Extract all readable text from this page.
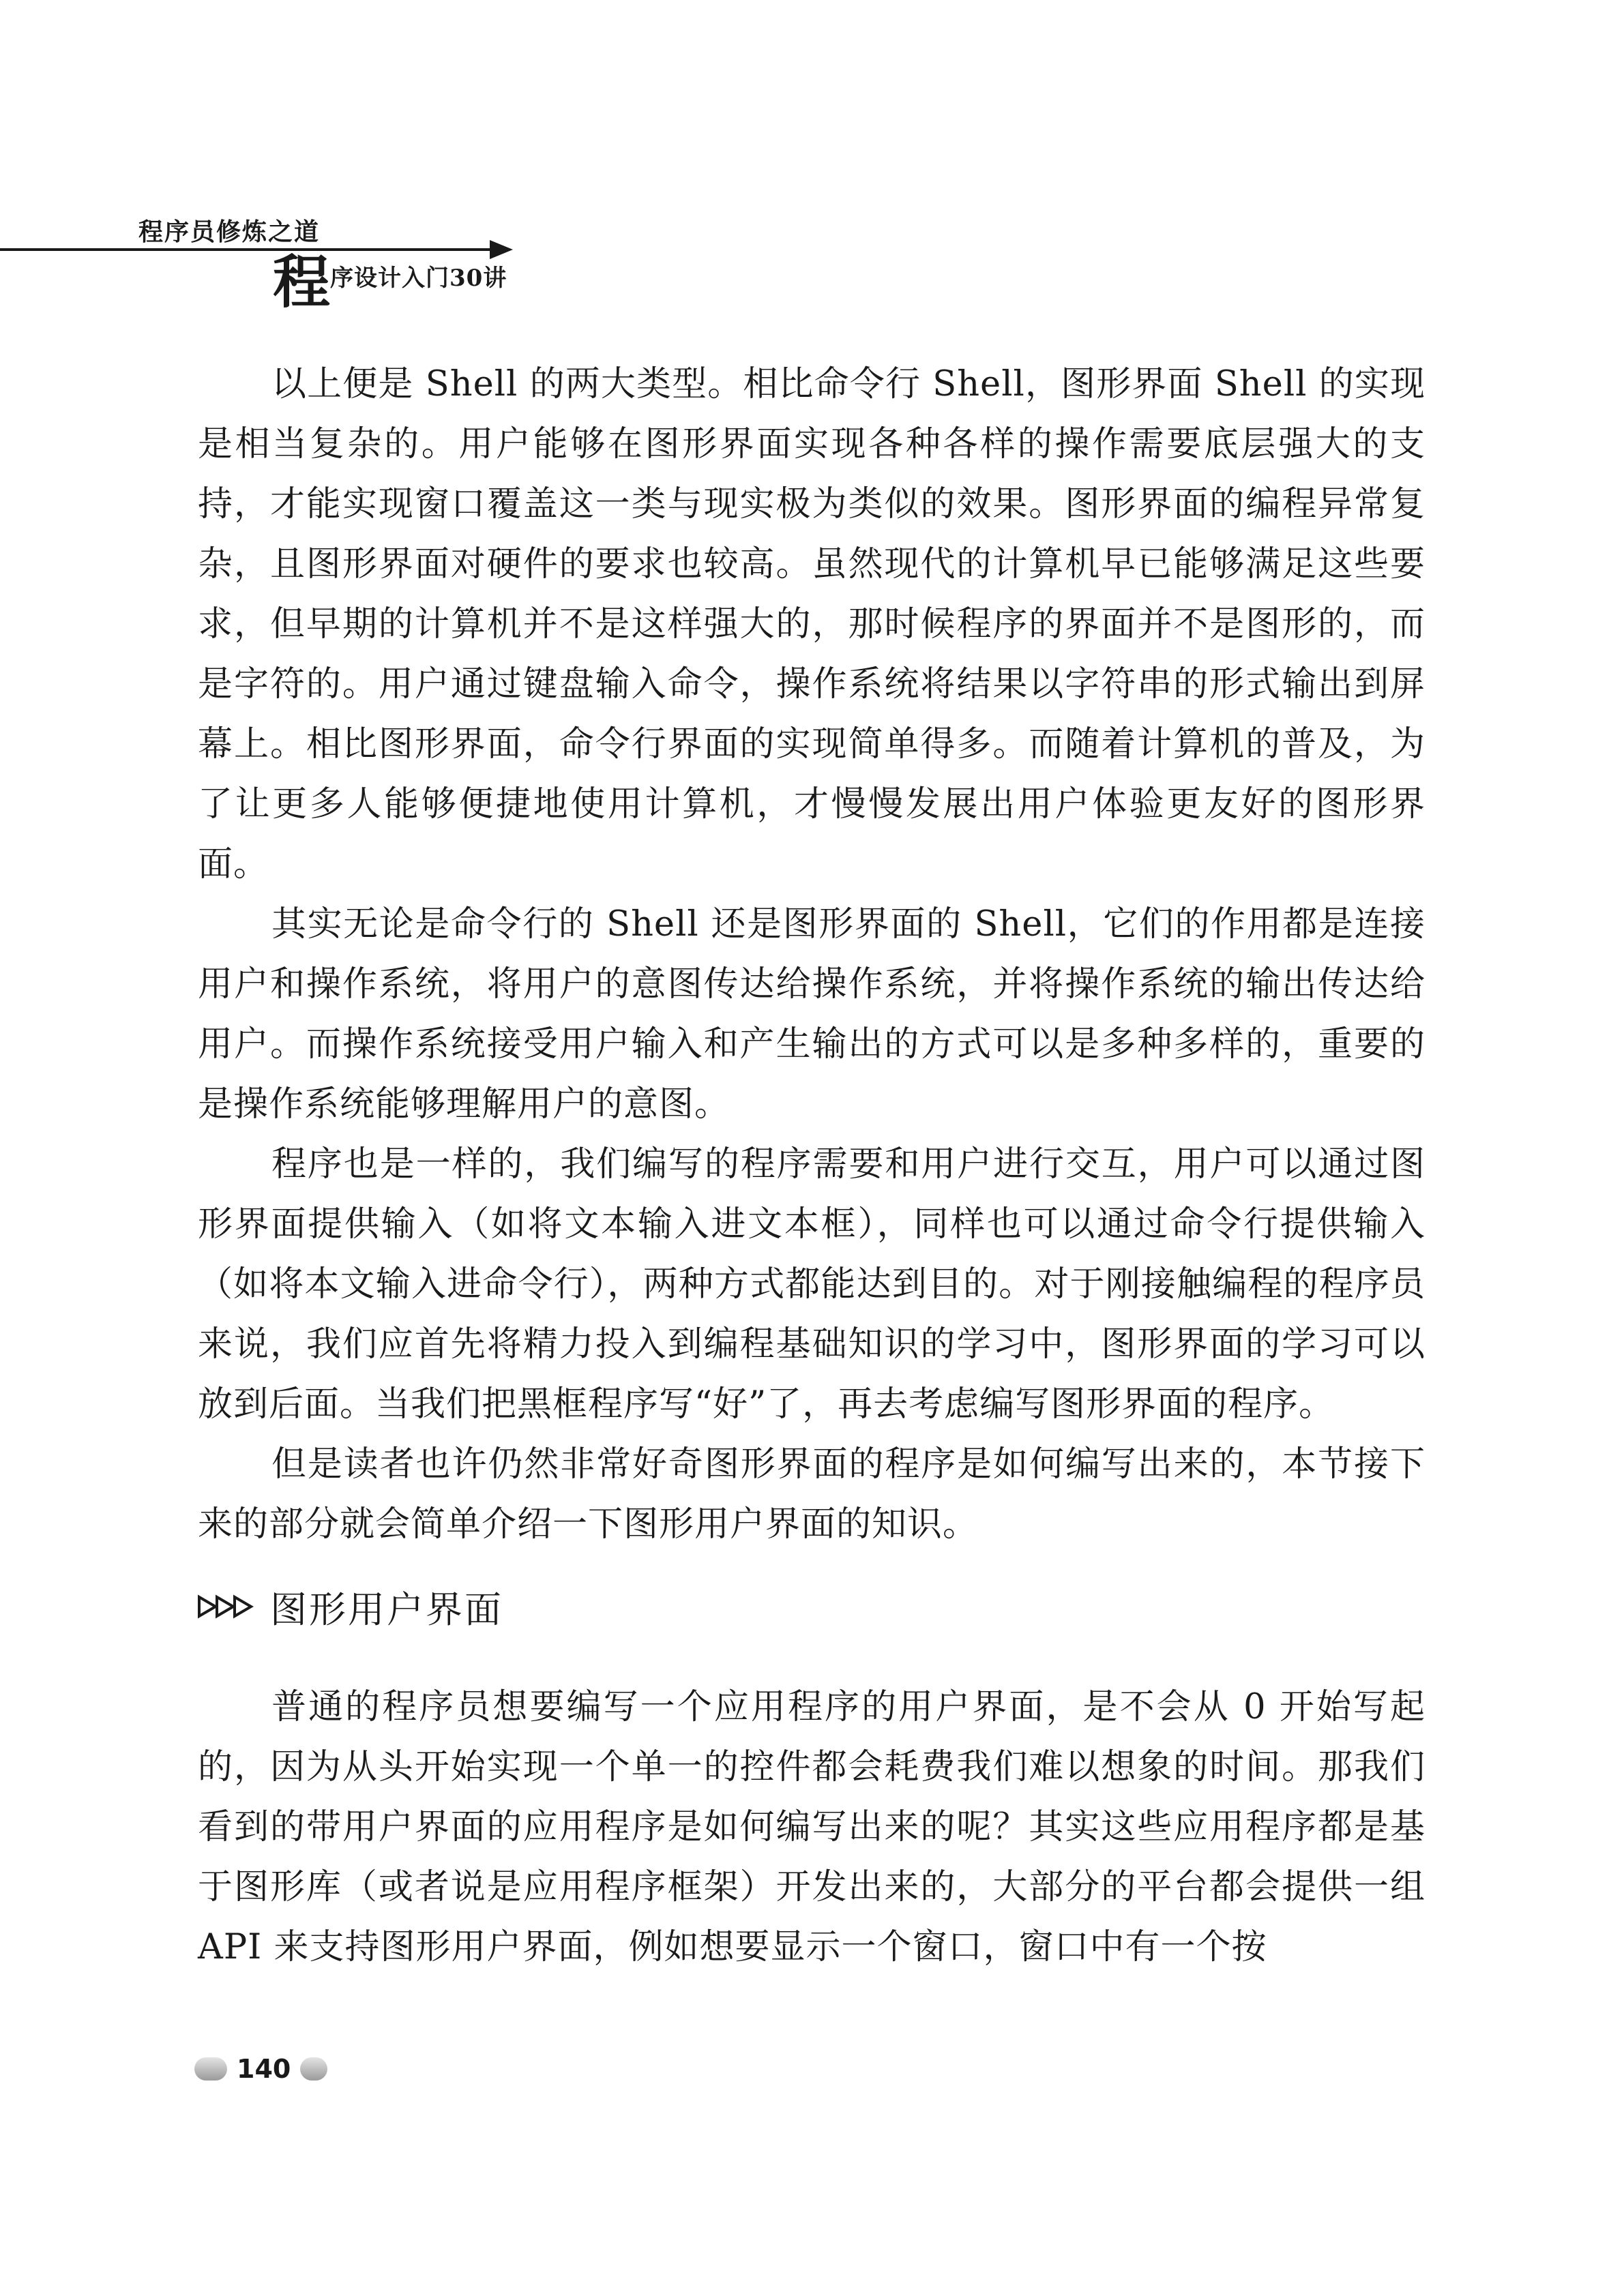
程序员修炼之道
程序设计入门30讲

以上便是 Shell 的两大类型。相比命令行 Shell，图形界面 Shell 的实现是相当复杂的。用户能够在图形界面实现各种各样的操作需要底层强大的支持，才能实现窗口覆盖这一类与现实极为类似的效果。图形界面的编程异常复杂，且图形界面对硬件的要求也较高。虽然现代的计算机早已能够满足这些要求，但早期的计算机并不是这样强大的，那时候程序的界面并不是图形的，而是字符的。用户通过键盘输入命令，操作系统将结果以字符串的形式输出到屏幕上。相比图形界面，命令行界面的实现简单得多。而随着计算机的普及，为了让更多人能够便捷地使用计算机，才慢慢发展出用户体验更友好的图形界面。

其实无论是命令行的 Shell 还是图形界面的 Shell，它们的作用都是连接用户和操作系统，将用户的意图传达给操作系统，并将操作系统的输出传达给用户。而操作系统接受用户输入和产生输出的方式可以是多种多样的，重要的是操作系统能够理解用户的意图。

程序也是一样的，我们编写的程序需要和用户进行交互，用户可以通过图形界面提供输入（如将文本输入进文本框），同样也可以通过命令行提供输入（如将本文输入进命令行），两种方式都能达到目的。对于刚接触编程的程序员来说，我们应首先将精力投入到编程基础知识的学习中，图形界面的学习可以放到后面。当我们把黑框程序写“好”了，再去考虑编写图形界面的程序。

但是读者也许仍然非常好奇图形界面的程序是如何编写出来的，本节接下来的部分就会简单介绍一下图形用户界面的知识。

图形用户界面

普通的程序员想要编写一个应用程序的用户界面，是不会从 0 开始写起的，因为从头开始实现一个单一的控件都会耗费我们难以想象的时间。那我们看到的带用户界面的应用程序是如何编写出来的呢？其实这些应用程序都是基于图形库（或者说是应用程序框架）开发出来的，大部分的平台都会提供一组 API 来支持图形用户界面，例如想要显示一个窗口，窗口中有一个按

140
